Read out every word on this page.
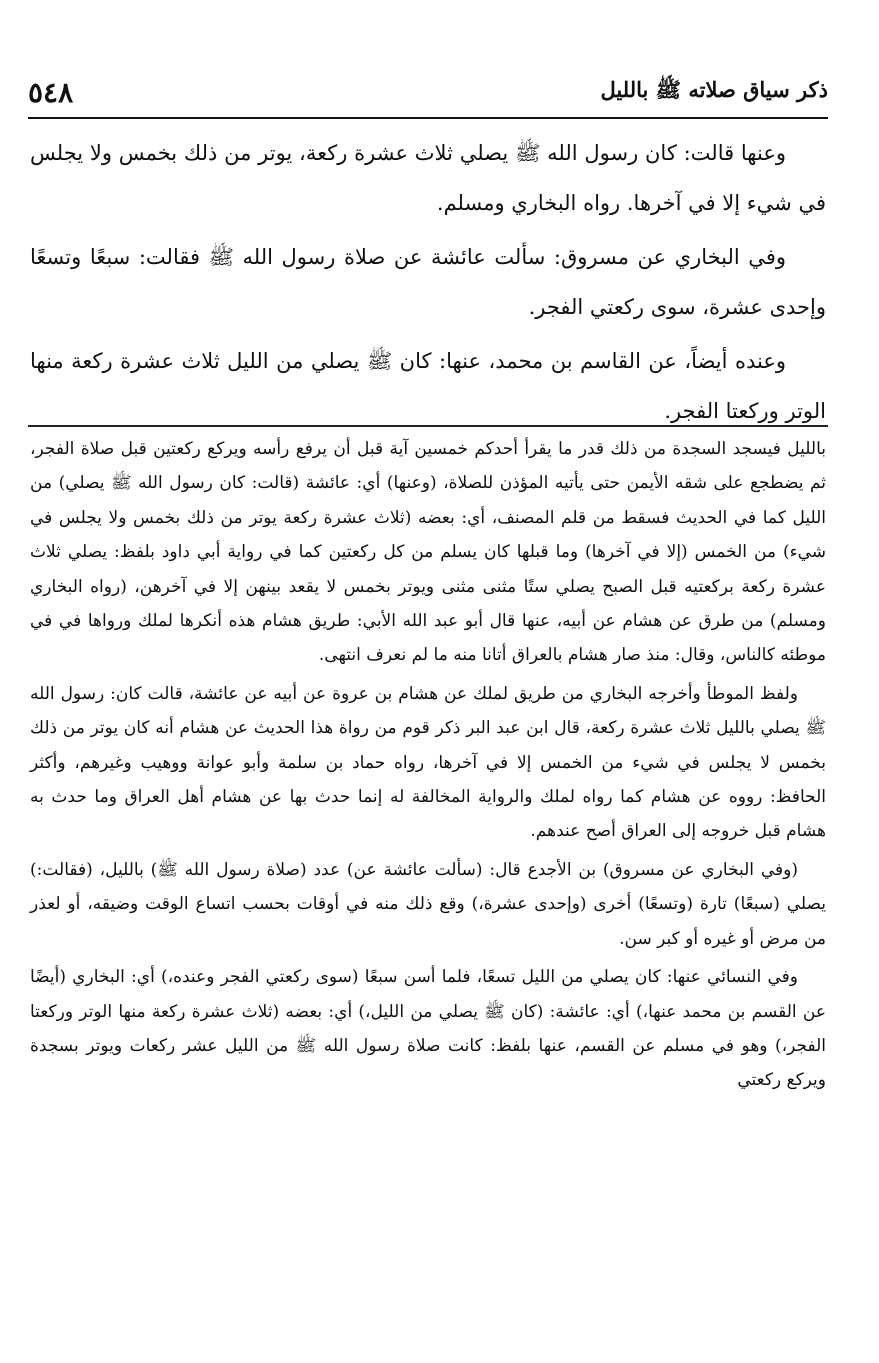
ذكر سياق صلاته ﷺ بالليل
٥٤٨

وعنها قالت: كان رسول الله ﷺ يصلي ثلاث عشرة ركعة، يوتر من ذلك بخمس ولا يجلس في شيء إلا في آخرها. رواه البخاري ومسلم.

وفي البخاري عن مسروق: سألت عائشة عن صلاة رسول الله ﷺ فقالت: سبعًا وتسعًا وإحدى عشرة، سوى ركعتي الفجر.

وعنده أيضاً، عن القاسم بن محمد، عنها: كان ﷺ يصلي من الليل ثلاث عشرة ركعة منها الوتر وركعتا الفجر.

بالليل فيسجد السجدة من ذلك قدر ما يقرأ أحدكم خمسين آية قبل أن يرفع رأسه ويركع ركعتين قبل صلاة الفجر، ثم يضطجع على شقه الأيمن حتى يأتيه المؤذن للصلاة، (وعنها) أي: عائشة (قالت: كان رسول الله ﷺ يصلي) من الليل كما في الحديث فسقط من قلم المصنف، أي: بعضه (ثلاث عشرة ركعة يوتر من ذلك بخمس ولا يجلس في شيء) من الخمس (إلا في آخرها) وما قبلها كان يسلم من كل ركعتين كما في رواية أبي داود بلفظ: يصلي ثلاث عشرة ركعة بركعتيه قبل الصبح يصلي ستًا مثنى مثنى ويوتر بخمس لا يقعد بينهن إلا في آخرهن، (رواه البخاري ومسلم) من طرق عن هشام عن أبيه، عنها قال أبو عبد الله الأبي: طريق هشام هذه أنكرها لملك ورواها في في موطئه كالناس، وقال: منذ صار هشام بالعراق أتانا منه ما لم نعرف انتهى.

ولفظ الموطأ وأخرجه البخاري من طريق لملك عن هشام بن عروة عن أبيه عن عائشة، قالت كان: رسول الله ﷺ يصلي بالليل ثلاث عشرة ركعة، قال ابن عبد البر ذكر قوم من رواة هذا الحديث عن هشام أنه كان يوتر من ذلك بخمس لا يجلس في شيء من الخمس إلا في آخرها، رواه حماد بن سلمة وأبو عوانة ووهيب وغيرهم، وأكثر الحافظ: رووه عن هشام كما رواه لملك والرواية المخالفة له إنما حدث بها عن هشام أهل العراق وما حدث به هشام قبل خروجه إلى العراق أصح عندهم.

(وفي البخاري عن مسروق) بن الأجدع قال: (سألت عائشة عن) عدد (صلاة رسول الله ﷺ) بالليل، (فقالت:) يصلي (سبعًا) تارة (وتسعًا) أخرى (وإحدى عشرة،) وقع ذلك منه في أوقات بحسب اتساع الوقت وضيقه، أو لعذر من مرض أو غيره أو كبر سن.

وفي النسائي عنها: كان يصلي من الليل تسعًا، فلما أسن سبعًا (سوى ركعتي الفجر وعنده،) أي: البخاري (أيضًا عن القسم بن محمد عنها،) أي: عائشة: (كان ﷺ يصلي من الليل،) أي: بعضه (ثلاث عشرة ركعة منها الوتر وركعتا الفجر،) وهو في مسلم عن القسم، عنها بلفظ: كانت صلاة رسول الله ﷺ من الليل عشر ركعات ويوتر بسجدة ويركع ركعتي
